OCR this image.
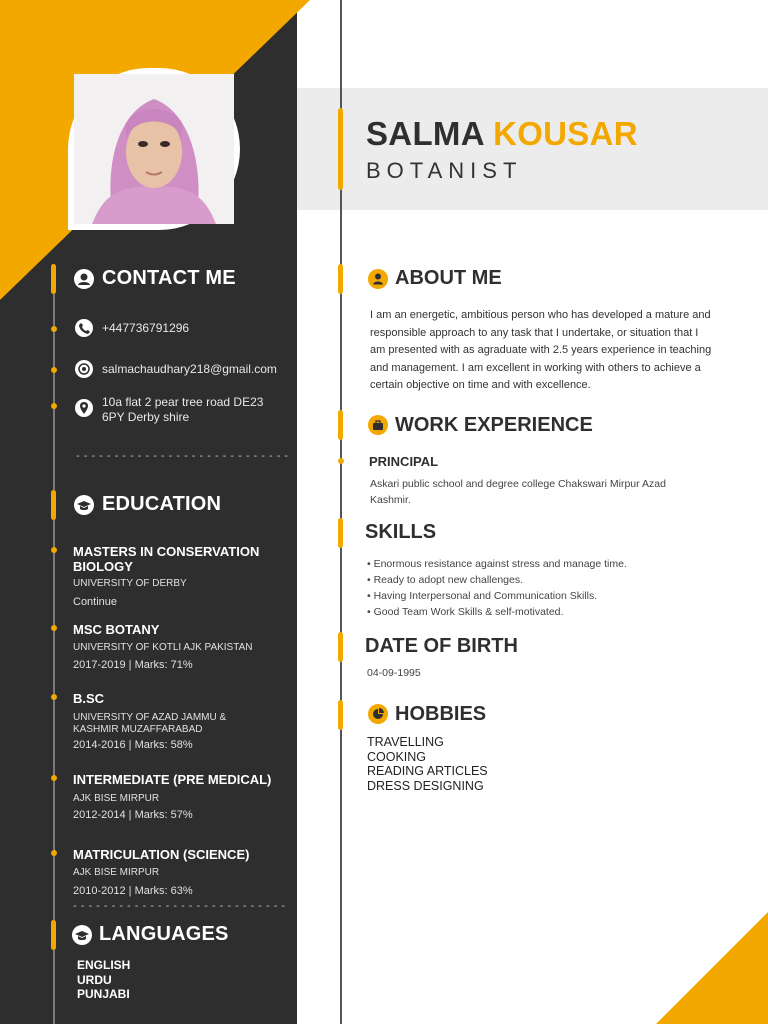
CONTACT ME
+447736791296
salmachaudhary218@gmail.com
10a flat 2 pear tree road DE23
6PY Derby shire
- - - - - - - - - - - - - - - - - - - - - - - - - - - -
EDUCATION
MASTERS IN CONSERVATION
BIOLOGY
UNIVERSITY OF DERBY
Continue
MSC BOTANY
UNIVERSITY OF KOTLI AJK PAKISTAN
2017-2019 | Marks: 71%
B.SC
UNIVERSITY OF AZAD JAMMU &
KASHMIR MUZAFFARABAD
2014-2016 | Marks: 58%
INTERMEDIATE (PRE MEDICAL)
AJK BISE MIRPUR
2012-2014 | Marks: 57%
MATRICULATION (SCIENCE)
AJK BISE MIRPUR
2010-2012 | Marks: 63%
- - - - - - - - - - - - - - - - - - - - - - - - - - - -
LANGUAGES
ENGLISH
URDU
PUNJABI
SALMA KOUSAR
BOTANIST
ABOUT ME
I am an energetic, ambitious person who has developed a mature and
responsible approach to any task that I undertake, or situation that I
am presented with as agraduate with 2.5 years experience in teaching
and management. I am excellent in working with others to achieve a
certain objective on time and with excellence.
WORK EXPERIENCE
PRINCIPAL
Askari public school and degree college Chakswari Mirpur Azad
Kashmir.
SKILLS
• Enormous resistance against stress and manage time.
• Ready to adopt new challenges.
• Having Interpersonal and Communication Skills.
• Good Team Work Skills & self-motivated.
DATE OF BIRTH
04-09-1995
HOBBIES
TRAVELLING
COOKING
READING ARTICLES
DRESS DESIGNING
